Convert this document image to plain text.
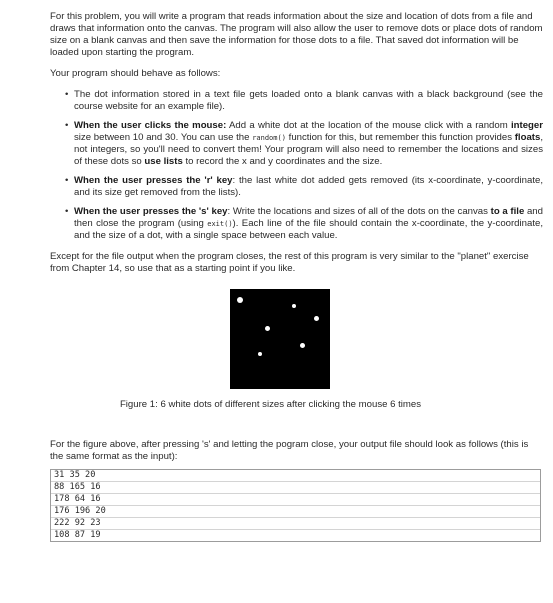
For this problem, you will write a program that reads information about the size and location of dots from a file and draws that information onto the canvas. The program will also allow the user to remove dots or place dots of random size on a blank canvas and then save the information for those dots to a file. That saved dot information will be loaded upon starting the program.

Your program should behave as follows:

• The dot information stored in a text file gets loaded onto a blank canvas with a black background (see the course website for an example file).
• When the user clicks the mouse: Add a white dot at the location of the mouse click with a random integer size between 10 and 30. You can use the random() function for this, but remember this function provides floats, not integers, so you'll need to convert them! Your program will also need to remember the locations and sizes of these dots so use lists to record the x and y coordinates and the size.
• When the user presses the 'r' key: the last white dot added gets removed (its x-coordinate, y-coordinate, and its size get removed from the lists).
• When the user presses the 's' key: Write the locations and sizes of all of the dots on the canvas to a file and then close the program (using exit()). Each line of the file should contain the x-coordinate, the y-coordinate, and the size of a dot, with a single space between each value.

Except for the file output when the program closes, the rest of this program is very similar to the "planet" exercise from Chapter 14, so use that as a starting point if you like.

Figure 1: 6 white dots of different sizes after clicking the mouse 6 times

For the figure above, after pressing 's' and letting the pogram close, your output file should look as follows (this is the same format as the input):

31 35 20
88 165 16
178 64 16
176 196 20
222 92 23
108 87 19
